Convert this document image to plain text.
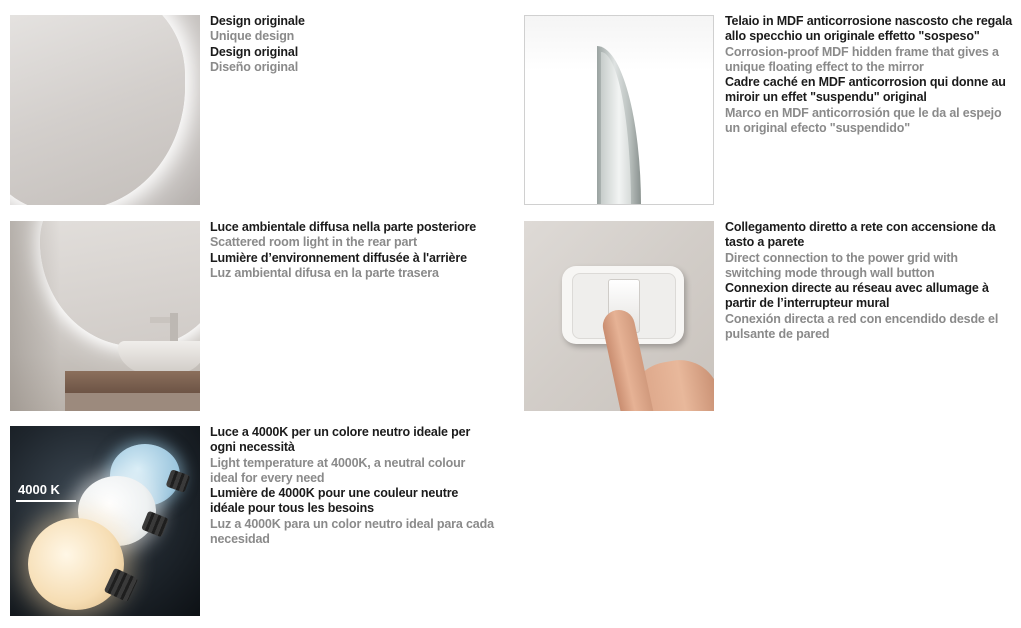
Design originale

Unique design

Design original

Diseño original

Telaio in MDF anticorrosione nascosto che regala allo specchio un originale effetto "sospeso"

Corrosion-proof MDF hidden frame that gives a unique floating effect to the mirror

Cadre caché en MDF anticorrosion qui donne au miroir un effet "suspendu" original

Marco en MDF anticorrosión que le da al espejo un original efecto "suspendido"

Luce ambientale diffusa nella parte posteriore

Scattered room light in the rear part

Lumière d’environnement diffusée à l'arrière

Luz ambiental difusa en la parte trasera

Collegamento diretto a rete con accensione da tasto a parete

Direct connection to the power grid with switching mode through wall button

Connexion directe au réseau avec allumage à partir de l’interrupteur mural

Conexión directa a red con encendido desde el pulsante de pared

4000 K

Luce a 4000K per un colore neutro ideale per ogni necessità

Light temperature at 4000K, a neutral colour ideal for every need

Lumière de 4000K pour une couleur neutre idéale pour tous les besoins

Luz a 4000K para un color neutro ideal para cada necesidad
